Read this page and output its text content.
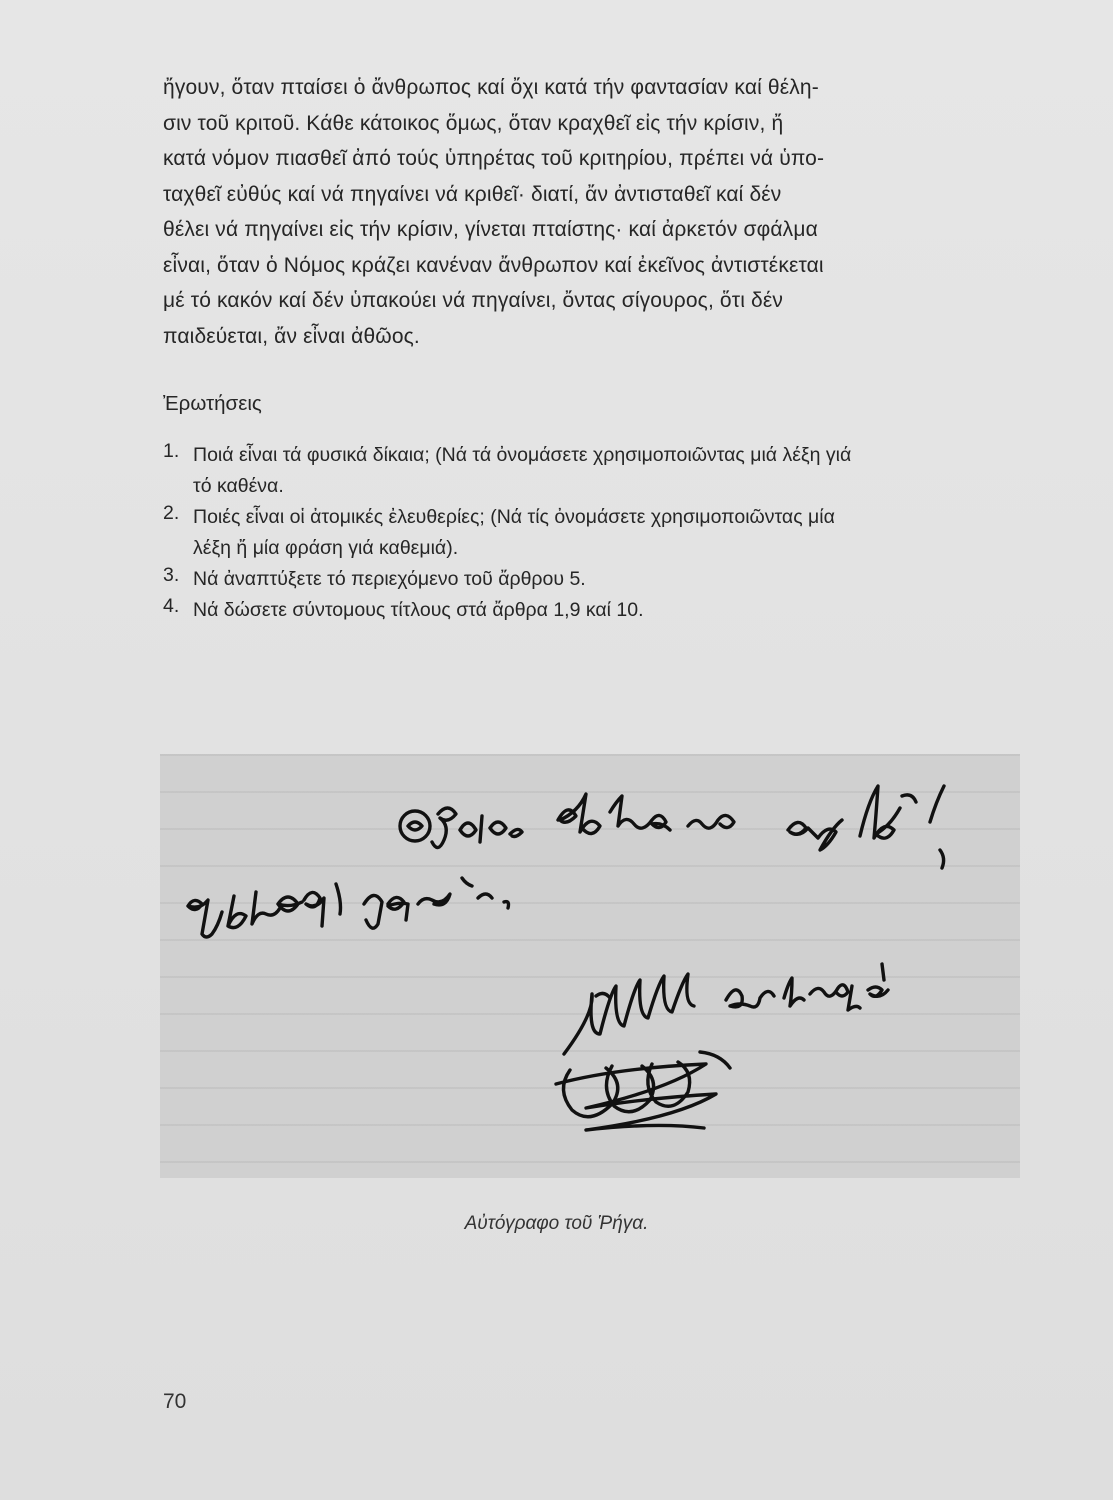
ἤγουν, ὅταν πταίσει ὁ ἄνθρωπος καί ὄχι κατά τήν φαντασίαν καί θέλη-
σιν τοῦ κριτοῦ. Κάθε κάτοικος ὅμως, ὅταν κραχθεῖ εἰς τήν κρίσιν, ἤ
κατά νόμον πιασθεῖ ἀπό τούς ὑπηρέτας τοῦ κριτηρίου, πρέπει νά ὑπο-
ταχθεῖ εὐθύς καί νά πηγαίνει νά κριθεῖ· διατί, ἄν ἀντισταθεῖ καί δέν
θέλει νά πηγαίνει εἰς τήν κρίσιν, γίνεται πταίστης· καί ἀρκετόν σφάλμα
εἶναι, ὅταν ὁ Νόμος κράζει κανέναν ἄνθρωπον καί ἐκεῖνος ἀντιστέκεται
μέ τό κακόν καί δέν ὑπακούει νά πηγαίνει, ὄντας σίγουρος, ὅτι δέν
παιδεύεται, ἄν εἶναι ἀθῶος.
Ἐρωτήσεις
1. Ποιά εἶναι τά φυσικά δίκαια; (Νά τά ὀνομάσετε χρησιμοποιῶντας μιά λέξη γιά
τό καθένα.
2. Ποιές εἶναι οἱ ἀτομικές ἐλευθερίες; (Νά τίς ὀνομάσετε χρησιμοποιῶντας μία
λέξη ἤ μία φράση γιά καθεμιά).
3. Νά ἀναπτύξετε τό περιεχόμενο τοῦ ἄρθρου 5.
4. Νά δώσετε σύντομους τίτλους στά ἄρθρα 1,9 καί 10.
Αὐτόγραφο τοῦ Ῥήγα.
70
